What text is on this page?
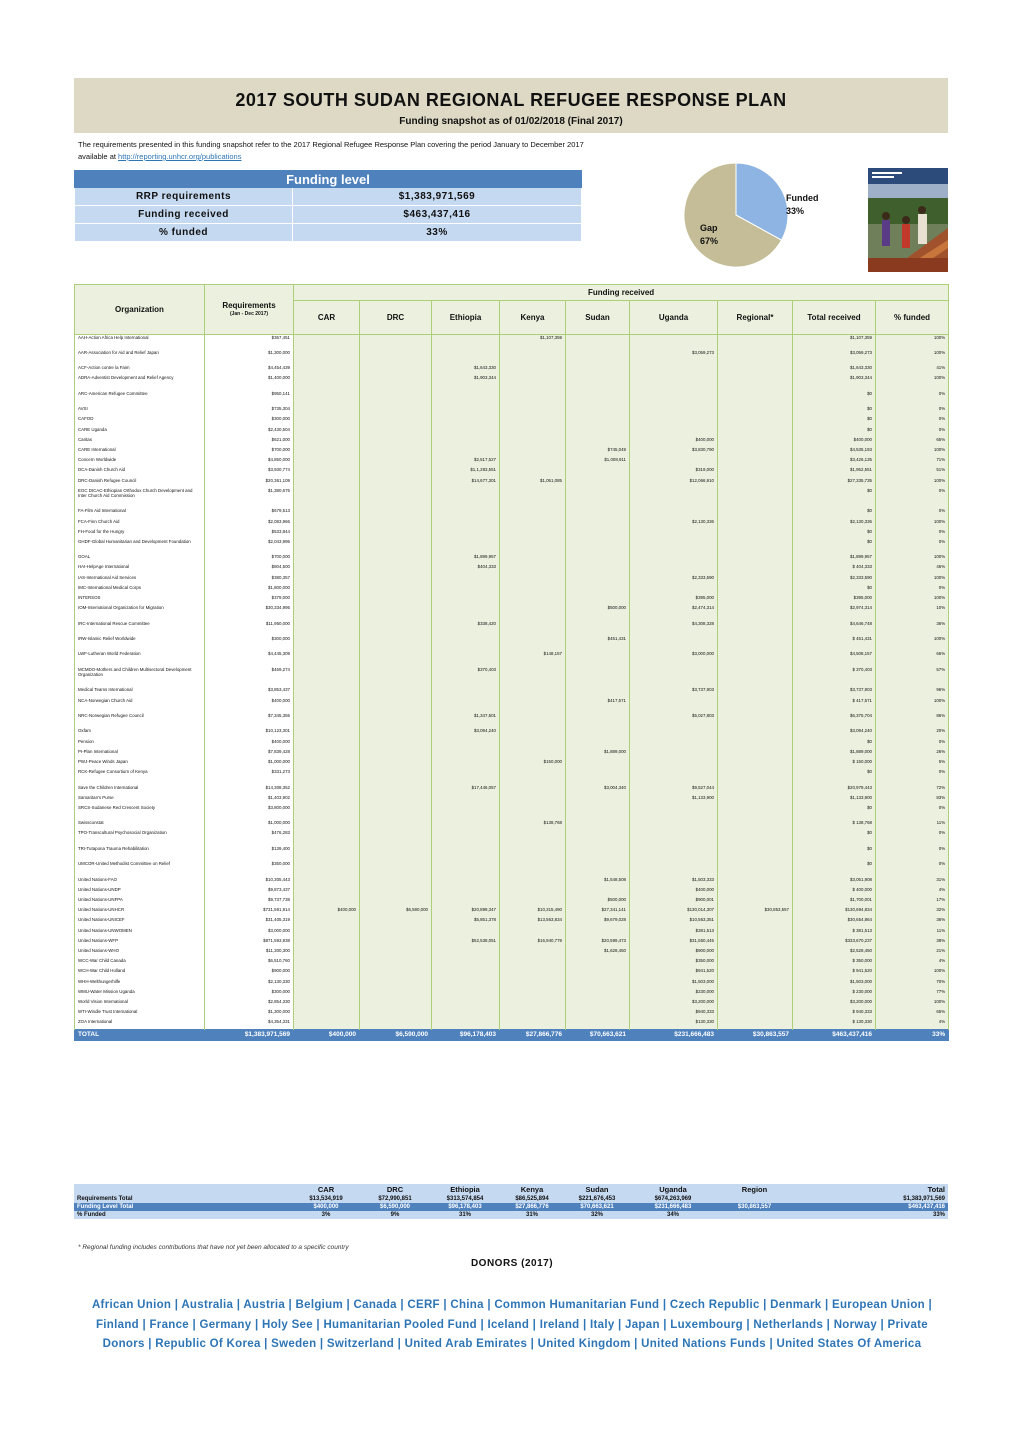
2017 SOUTH SUDAN REGIONAL REFUGEE RESPONSE PLAN
Funding snapshot as of 01/02/2018 (Final 2017)
The requirements presented in this funding snapshot refer to the 2017 Regional Refugee Response Plan covering the period January to December 2017
available at http://reporting.unhcr.org/publications
Funding level	
RRP requirements	$1,383,971,569
Funding received	$463,437,416
% funded	33%
Funded
33%
Gap
67%
Organization	Requirements
(Jan - Dec 2017)	Funding received								
		CAR	DRC	Ethiopia	Kenya	Sudan	Uganda	Regional*	Total received	% funded
AAH-Action Africa Help International	$367,451				$1,107,359				$1,107,359	100%
AAR-Association for Aid and Relief Japan	$1,300,000						$3,059,273		$3,059,273	100%
ACF-Action contre la Faim	$4,454,439			$1,643,330					$1,643,330	41%
ADRA-Adventist Development and Relief Agency	$1,400,000			$1,903,344					$1,903,344	100%
ARC-American Refugee Committee	$950,141								$0	0%
AVSI	$735,304								$0	0%
CAFOD	$300,000								$0	0%
CARE Uganda	$2,430,504								$0	0%
Caritas	$621,000						$400,000		$400,000	65%
CARE International	$700,000					$745,049	$3,830,790		$4,535,193	100%
Concern Worldwide	$4,850,000			$2,517,527		$1,008,911			$3,426,135	71%
DCA-Danish Church Aid	$3,930,774			$1,1,283,551			$319,000		$1,952,551	51%
DRC-Danish Refugee Council	$20,361,109			$14,677,301	$1,051,085		$12,066,910		$27,335,735	100%
EOC DICAC-Ethiopian Orthodox Church Development and Inter Church Aid Commission	$1,380,675								$0	0%
FA-Film Aid International	$679,513								$0	0%
FCA-Finn Church Aid	$2,083,966						$2,130,336		$2,130,336	100%
FH-Food for the Hungry	$533,844								$0	0%
GHDF-Global Humanitarian and Development Foundation	$2,043,995								$0	0%
GOAL	$700,000			$1,899,957					$1,899,957	100%
HAI-HelpAge International	$804,500			$404,333					$ 404,333	46%
IAS-International Aid Services	$380,357						$2,333,590		$2,333,590	100%
IMC-International Medical Corps	$1,800,000								$0	0%
INTERSOS	$379,000						$395,000		$395,000	100%
IOM-International Organization for Migration	$30,334,995					$500,000	$2,474,314		$2,974,314	10%
IRC-International Rescue Committee	$11,950,000			$338,420			$4,308,328		$4,646,748	36%
IRW-Islamic Relief Worldwide	$300,000					$451,431			$ 451,431	100%
LWF-Lutheran World Federation	$4,445,309				$148,157		$3,000,000		$4,508,157	66%
MCMDO-Mothers and Children Multisectoral Development Organization	$469,274			$370,403					$ 370,403	57%
Medical Teams International	$3,853,437						$3,737,903		$3,737,903	96%
NCA-Norwegian Church Aid	$400,000					$417,571			$ 417,571	100%
NRC-Norwegian Refugee Council	$7,345,355			$1,347,501			$5,027,803		$6,375,704	86%
Oxfam	$10,123,301			$3,094,240					$3,094,240	20%
Pension	$400,000								$0	0%
PI-Plan International	$7,839,428					$1,889,000			$1,889,000	26%
PWJ-Peace Winds Japan	$1,000,000				$150,000				$ 150,000	5%
RCK-Refugee Consortium of Kenya	$331,273								$0	0%
Save the Children International	$14,308,352			$17,446,057		$3,004,340	$9,527,044		$20,979,443	72%
Samaritan's Purse	$1,403,902						$1,133,900		$1,133,900	83%
SRCS-Sudanese Red Crescent Society	$3,800,000								$0	0%
Swissconstat	$1,000,000				$138,768				$ 138,768	11%
TPO-Transcultural Psychosocial Organization	$476,283								$0	0%
TRI-Tutapona Trauma Rehabilitation	$139,400								$0	0%
UMCOR-United Methodist Committee on Relief	$350,000								$0	0%
United Nations-FAO	$10,305,443					$1,548,508	$1,503,333		$3,051,908	31%
United Nations-UNDP	$9,873,437						$400,000		$ 400,000	4%
United Nations-UNFPA	$9,737,738					$500,000	$900,001		$1,700,001	17%
United Nations-UNHCR	$731,591,914	$400,000	$6,590,000	$20,899,347	$10,315,490	$27,341,141	$130,014,307	$30,853,557	$130,694,834	32%
United Nations-UNICEF	$31,405,319			$5,851,378	$13,563,834	$9,679,028	$10,563,351		$30,654,864	36%
United Nations-UNWOMEN	$3,000,000						$381,513		$ 381,513	11%
United Nations-WFP	$871,593,938			$52,538,051	$16,940,779	$20,599,473	$31,550,445		$333,670,237	38%
United Nations-WHO	$11,300,300					$1,628,450	$900,000		$2,528,450	21%
WCC-War Child Canada	$6,510,760						$350,000		$ 350,000	4%
WCH-War Child Holland	$900,000						$941,520		$ 941,520	100%
WHH-Welthungerhilfe	$2,130,330						$1,503,000		$1,503,000	70%
WMU-Water Mission Uganda	$300,000						$230,000		$ 230,000	77%
World Vision International	$2,854,330						$3,200,000		$3,200,000	100%
WTI-Windle Trust International	$1,300,000						$940,333		$ 940,333	65%
ZOA International	$4,354,331						$130,330		$ 130,330	4%
TOTAL	$1,383,971,569	$400,000	$6,590,000	$96,178,403	$27,866,776	$70,663,621	$231,666,483	$30,863,557	$463,437,416	33%
	CAR	DRC	Ethiopia	Kenya	Sudan	Uganda	Region	Total
Requirements Total	$13,534,919	$72,990,851	$313,574,854	$86,525,894	$221,676,453	$674,263,969		$1,383,971,569
Funding Level Total	$400,000	$6,590,000	$96,178,403	$27,866,776	$70,663,621	$231,666,483	$30,863,557	$463,437,416
% Funded	3%	9%	31%	31%	32%	34%		33%
* Regional funding includes contributions that have not yet been allocated to a specific country
DONORS (2017)
African Union | Australia | Austria | Belgium | Canada | CERF | China | Common Humanitarian Fund | Czech Republic | Denmark | European Union | Finland | France | Germany | Holy See | Humanitarian Pooled Fund | Iceland | Ireland | Italy | Japan | Luxembourg | Netherlands | Norway | Private Donors | Republic Of Korea | Sweden | Switzerland | United Arab Emirates | United Kingdom | United Nations Funds | United States Of America
